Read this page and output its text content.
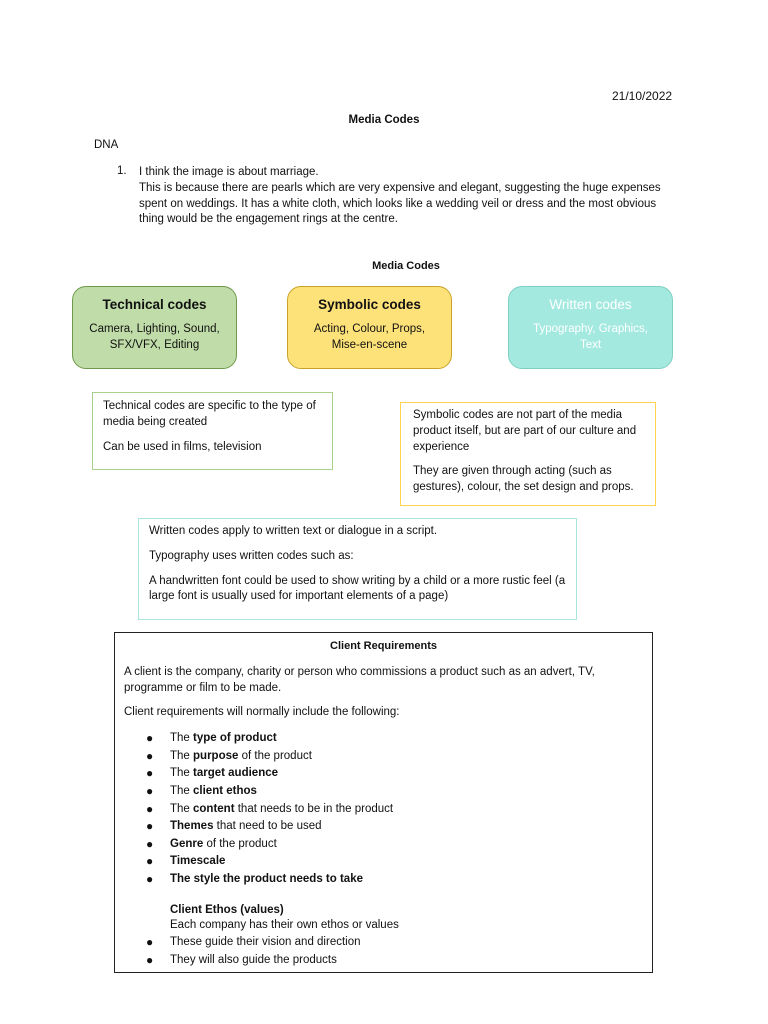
21/10/2022
Media Codes
DNA
1. I think the image is about marriage.

This is because there are pearls which are very expensive and elegant, suggesting the huge expenses spent on weddings. It has a white cloth, which looks like a wedding veil or dress and the most obvious thing would be the engagement rings at the centre.

Media Codes
Technical codes
Camera, Lighting, Sound,
SFX/VFX, Editing
Symbolic codes
Acting, Colour, Props,
Mise-en-scene
Written codes
Typography, Graphics,
Text

Technical codes are specific to the type of media being created

Can be used in films, television

Symbolic codes are not part of the media product itself, but are part of our culture and experience

They are given through acting (such as gestures), colour, the set design and props.

Written codes apply to written text or dialogue in a script.

Typography uses written codes such as:

A handwritten font could be used to show writing by a child or a more rustic feel (a large font is usually used for important elements of a page)

Client Requirements

A client is the company, charity or person who commissions a product such as an advert, TV, programme or film to be made.

Client requirements will normally include the following:

● The type of product
● The purpose of the product
● The target audience
● The client ethos
● The content that needs to be in the product
● Themes that need to be used
● Genre of the product
● Timescale
● The style the product needs to take
Client Ethos (values)
Each company has their own ethos or values
● These guide their vision and direction
● They will also guide the products
